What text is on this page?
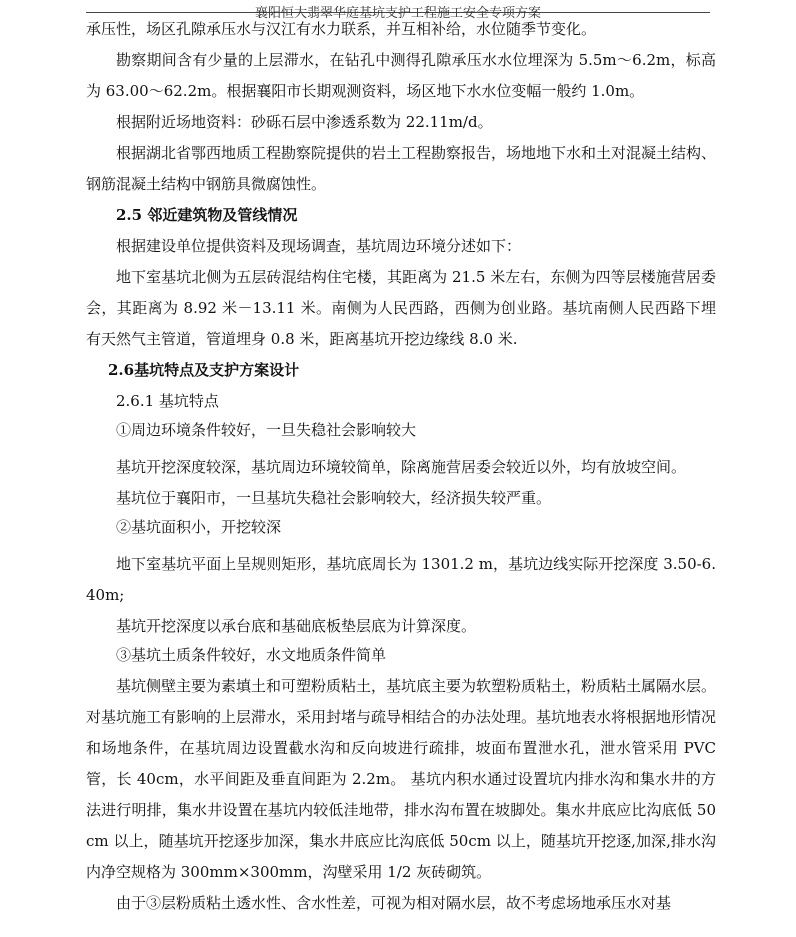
襄阳恒大翡翠华庭基坑支护工程施工安全专项方案

承压性，场区孔隙承压水与汉江有水力联系，并互相补给，水位随季节变化。

勘察期间含有少量的上层滞水，在钻孔中测得孔隙承压水水位埋深为 5.5m～6.2m，标高为 63.00～62.2m。根据襄阳市长期观测资料，场区地下水水位变幅一般约 1.0m。

根据附近场地资料：砂砾石层中渗透系数为 22.11m/d。

根据湖北省鄂西地质工程勘察院提供的岩土工程勘察报告，场地地下水和土对混凝土结构、钢筋混凝土结构中钢筋具微腐蚀性。

2.5 邻近建筑物及管线情况

根据建设单位提供资料及现场调查，基坑周边环境分述如下：

地下室基坑北侧为五层砖混结构住宅楼，其距离为 21.5 米左右，东侧为四等层楼施营居委会，其距离为 8.92 米－13.11 米。南侧为人民西路，西侧为创业路。基坑南侧人民西路下埋有天然气主管道，管道埋身 0.8 米，距离基坑开挖边缘线 8.0 米.

2.6基坑特点及支护方案设计

2.6.1 基坑特点

①周边环境条件较好，一旦失稳社会影响较大

基坑开挖深度较深，基坑周边环境较简单，除离施营居委会较近以外，均有放坡空间。

基坑位于襄阳市，一旦基坑失稳社会影响较大，经济损失较严重。

②基坑面积小，开挖较深

地下室基坑平面上呈规则矩形，基坑底周长为 1301.2 m，基坑边线实际开挖深度 3.50-6.40m;

基坑开挖深度以承台底和基础底板垫层底为计算深度。

③基坑土质条件较好，水文地质条件简单

基坑侧壁主要为素填土和可塑粉质粘土，基坑底主要为软塑粉质粘土，粉质粘土属隔水层。对基坑施工有影响的上层滞水，采用封堵与疏导相结合的办法处理。基坑地表水将根据地形情况和场地条件，在基坑周边设置截水沟和反向坡进行疏排，坡面布置泄水孔，泄水管采用 PVC 管，长 40cm，水平间距及垂直间距为 2.2m。 基坑内积水通过设置坑内排水沟和集水井的方法进行明排，集水井设置在基坑内较低洼地带，排水沟布置在坡脚处。集水井底应比沟底低 50cm 以上，随基坑开挖逐步加深，集水井底应比沟底低 50cm 以上，随基坑开挖逐,加深,排水沟内净空规格为 300mm×300mm，沟壁采用 1/2 灰砖砌筑。

由于③层粉质粘土透水性、含水性差，可视为相对隔水层，故不考虑场地承压水对基
